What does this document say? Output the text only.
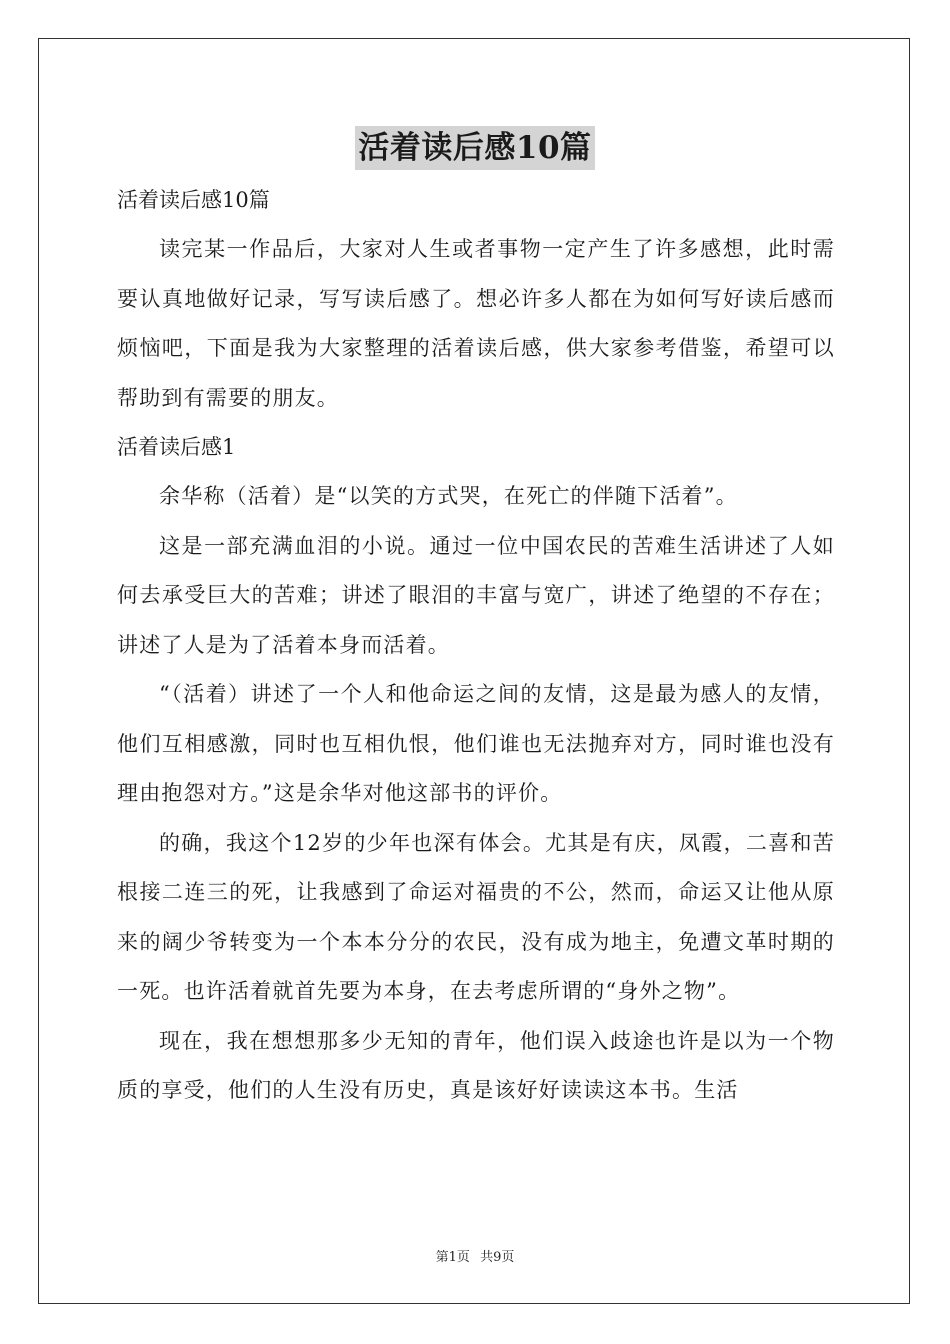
活着读后感10篇

活着读后感10篇

读完某一作品后，大家对人生或者事物一定产生了许多感想，此时需要认真地做好记录，写写读后感了。想必许多人都在为如何写好读后感而烦恼吧，下面是我为大家整理的活着读后感，供大家参考借鉴，希望可以帮助到有需要的朋友。

活着读后感1

余华称（活着）是“以笑的方式哭，在死亡的伴随下活着”。

这是一部充满血泪的小说。通过一位中国农民的苦难生活讲述了人如何去承受巨大的苦难；讲述了眼泪的丰富与宽广，讲述了绝望的不存在；讲述了人是为了活着本身而活着。

“（活着）讲述了一个人和他命运之间的友情，这是最为感人的友情，他们互相感激，同时也互相仇恨，他们谁也无法抛弃对方，同时谁也没有理由抱怨对方。”这是余华对他这部书的评价。

的确，我这个12岁的少年也深有体会。尤其是有庆，凤霞，二喜和苦根接二连三的死，让我感到了命运对福贵的不公，然而，命运又让他从原来的阔少爷转变为一个本本分分的农民，没有成为地主，免遭文革时期的一死。也许活着就首先要为本身，在去考虑所谓的“身外之物”。

现在，我在想想那多少无知的青年，他们误入歧途也许是以为一个物质的享受，他们的人生没有历史，真是该好好读读这本书。生活

第1页 共9页
